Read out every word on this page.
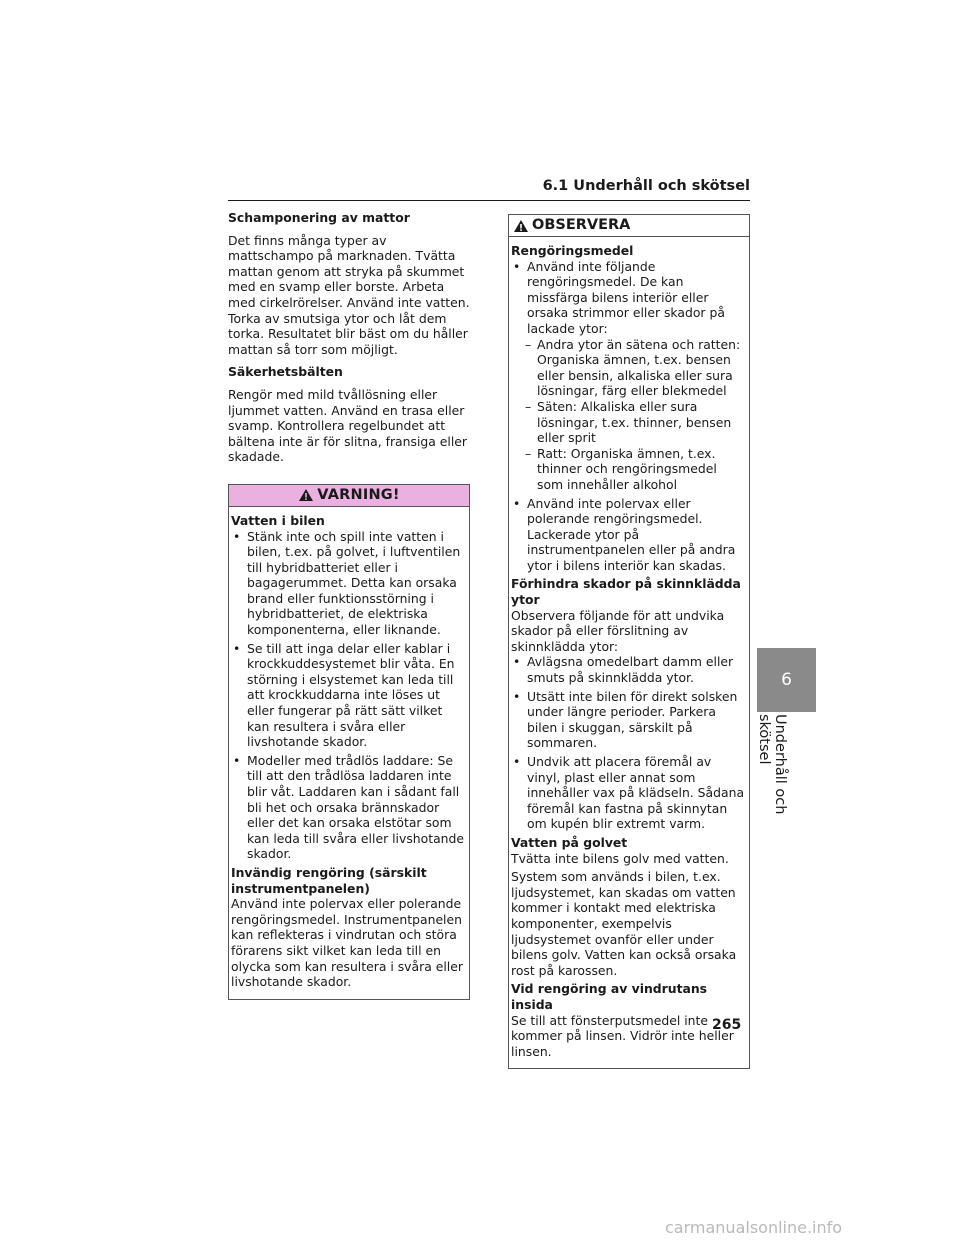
6.1 Underhåll och skötsel
Schamponering av mattor

Det finns många typer av mattschampo på marknaden. Tvätta mattan genom att stryka på skummet med en svamp eller borste. Arbeta med cirkelrörelser. Använd inte vatten. Torka av smutsiga ytor och låt dem torka. Resultatet blir bäst om du håller mattan så torr som möjligt.

Säkerhetsbälten

Rengör med mild tvållösning eller ljummet vatten. Använd en trasa eller svamp. Kontrollera regelbundet att bältena inte är för slitna, fransiga eller skadade.

VARNING!
Vatten i bilen
• Stänk inte och spill inte vatten i bilen, t.ex. på golvet, i luftventilen till hybridbatteriet eller i bagagerummet. Detta kan orsaka brand eller funktionsstörning i hybridbatteriet, de elektriska komponenterna, eller liknande.
• Se till att inga delar eller kablar i krockkuddesystemet blir våta. En störning i elsystemet kan leda till att krockkuddarna inte löses ut eller fungerar på rätt sätt vilket kan resultera i svåra eller livshotande skador.
• Modeller med trådlös laddare: Se till att den trådlösa laddaren inte blir våt. Laddaren kan i sådant fall bli het och orsaka brännskador eller det kan orsaka elstötar som kan leda till svåra eller livshotande skador.
Invändig rengöring (särskilt instrumentpanelen)

Använd inte polervax eller polerande rengöringsmedel. Instrumentpanelen kan reflekteras i vindrutan och störa förarens sikt vilket kan leda till en olycka som kan resultera i svåra eller livshotande skador.

OBSERVERA
Rengöringsmedel
• Använd inte följande rengöringsmedel. De kan missfärga bilens interiör eller orsaka strimmor eller skador på lackade ytor:
– Andra ytor än sätena och ratten: Organiska ämnen, t.ex. bensen eller bensin, alkaliska eller sura lösningar, färg eller blekmedel
– Säten: Alkaliska eller sura lösningar, t.ex. thinner, bensen eller sprit
– Ratt: Organiska ämnen, t.ex. thinner och rengöringsmedel som innehåller alkohol
• Använd inte polervax eller polerande rengöringsmedel. Lackerade ytor på instrumentpanelen eller på andra ytor i bilens interiör kan skadas.
Förhindra skador på skinnklädda ytor

Observera följande för att undvika skador på eller förslitning av skinnklädda ytor:

• Avlägsna omedelbart damm eller smuts på skinnklädda ytor.
• Utsätt inte bilen för direkt solsken under längre perioder. Parkera bilen i skuggan, särskilt på sommaren.
• Undvik att placera föremål av vinyl, plast eller annat som innehåller vax på klädseln. Sådana föremål kan fastna på skinnytan om kupén blir extremt varm.
Vatten på golvet

Tvätta inte bilens golv med vatten.

System som används i bilen, t.ex. ljudsystemet, kan skadas om vatten kommer i kontakt med elektriska komponenter, exempelvis ljudsystemet ovanför eller under bilens golv. Vatten kan också orsaka rost på karossen.

Vid rengöring av vindrutans insida

Se till att fönsterputsmedel inte kommer på linsen. Vidrör inte heller linsen.

6
Underhåll och skötsel
265
carmanualsonline.info
